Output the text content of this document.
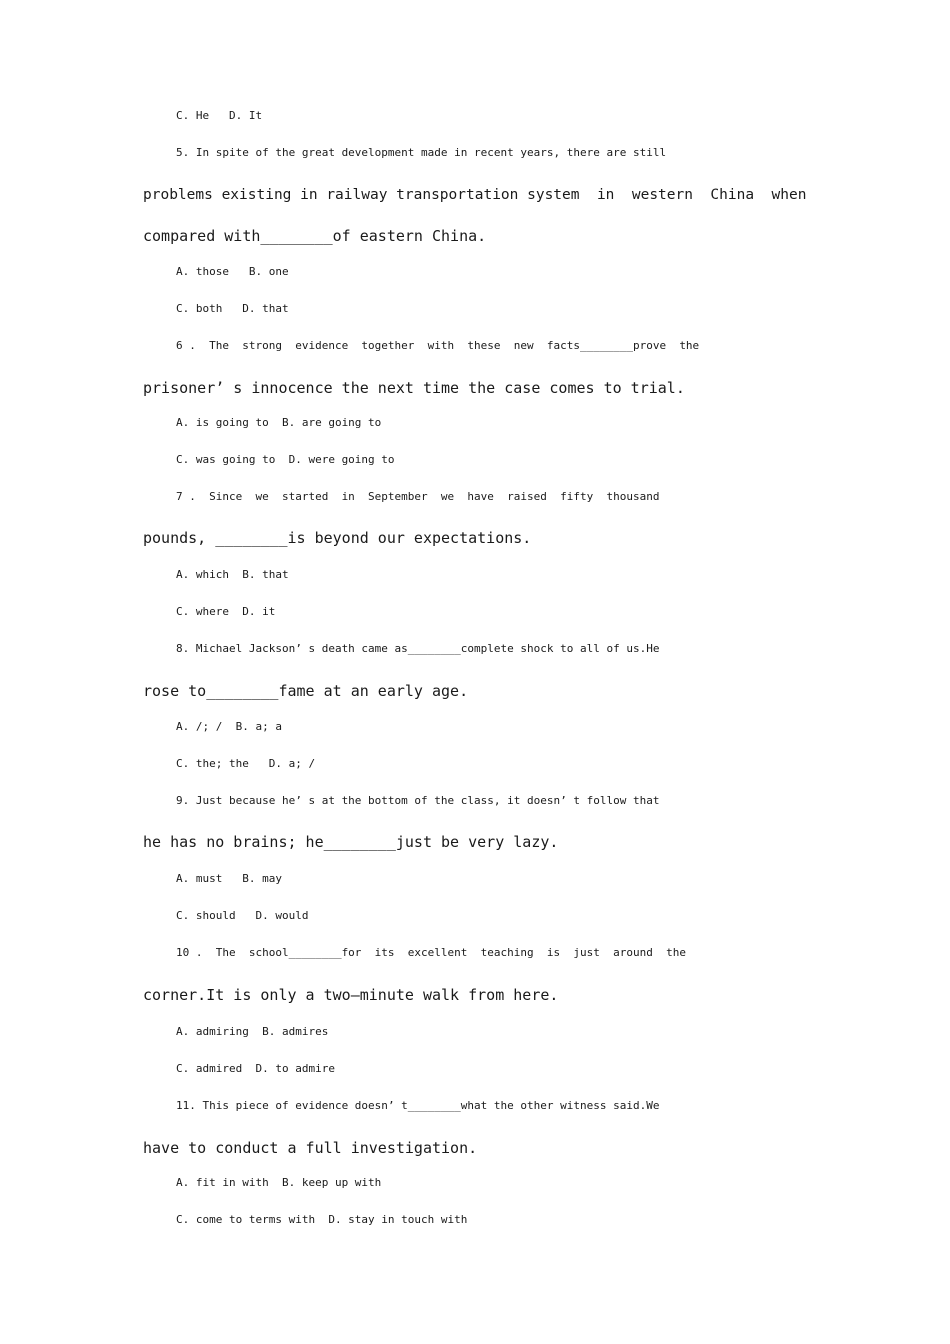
C. He   D. It

5. In spite of the great development made in recent years, there are still

problems existing in railway transportation system  in  western  China  when

compared with________of eastern China.

A. those   B. one

C. both   D. that

6 .  The  strong  evidence  together  with  these  new  facts________prove  the

prisoner’ s innocence the next time the case comes to trial.

A. is going to  B. are going to

C. was going to  D. were going to

7 .  Since  we  started  in  September  we  have  raised  fifty  thousand

pounds, ________is beyond our expectations.

A. which  B. that

C. where  D. it

8. Michael Jackson’ s death came as________complete shock to all of us.He

rose to________fame at an early age.

A. /; /  B. a; a

C. the; the   D. a; /

9. Just because he’ s at the bottom of the class, it doesn’ t follow that

he has no brains; he________just be very lazy.

A. must   B. may

C. should   D. would

10 .  The  school________for  its  excellent  teaching  is  just  around  the

corner.It is only a two—minute walk from here.

A. admiring  B. admires

C. admired  D. to admire

11. This piece of evidence doesn’ t________what the other witness said.We

have to conduct a full investigation.

A. fit in with  B. keep up with

C. come to terms with  D. stay in touch with
